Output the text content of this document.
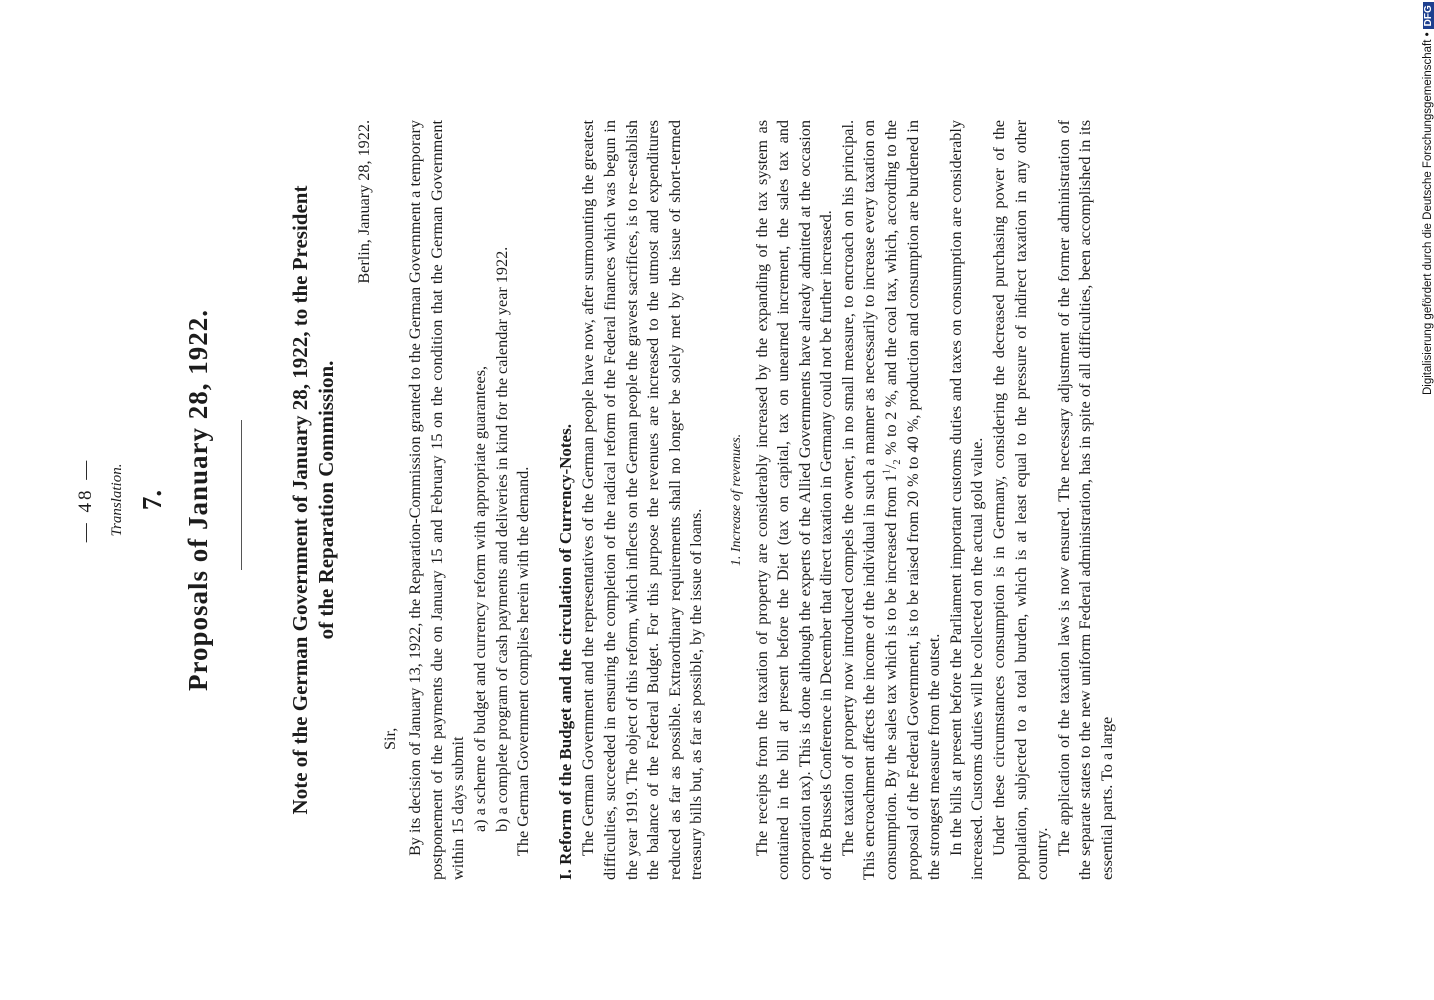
— 48 — Translation. 7. Proposals of January 28, 1922.	Note of the German Government of January 28, 1922, to the President
of the Reparation Commission.
Berlin, January 28, 1922.
Sir, By its decision of January 13, 1922, the Reparation-Commission granted to the German Government a temporary postponement of the payments due on January 15 and February 15 on the condition that the German Government within 15 days submit a) a scheme of budget and currency reform with appropriate guarantees, b) a complete program of cash payments and deliveries in kind for the calendar year 1922. The German Government complies herein with the demand. I. Reform of the Budget and the circulation of Currency-Notes. The German Government and the representatives of the German people have now, after surmounting the greatest difficulties, succeeded in ensuring the completion of the radical reform of the Federal finances which was begun in the year 1919. The object of this reform, which inflects on the German people the gravest sacrifices, is to re-establish the balance of the Federal Budget. For this purpose the revenues are increased to the utmost and expenditures reduced as far as possible. Extraordinary requirements shall no longer be solely met by the issue of short-termed treasury bills but, as far as possible, by the issue of loans.

1. Increase of revenues. The receipts from the taxation of property are considerably increased by the expanding of the tax system as contained in the bill at present before the Diet (tax on capital, tax on unearned increment, the sales tax and corporation tax). This is done although the experts of the Allied Governments have already admitted at the occasion of the Brussels Conference in December that direct taxation in Germany could not be further increased. The taxation of property now introduced compels the owner, in no small measure, to encroach on his principal. This encroachment affects the income of the individual in such a manner as necessarily to increase every taxation on consumption. By the sales tax which is to be increased from $1^1/_2$ % to 2 %, and the coal tax, which, according to the proposal of the Federal Government, is to be raised from 20 % to 40 %, production and consumption are burdened in the strongest measure from the outset. In the bills at present before the Parliament important customs duties and taxes on consumption are considerably increased. Customs duties will be collected on the actual gold value. Under these circumstances consumption is in Germany, considering the decreased purchasing power of the population, subjected to a total burden, which is at least equal to the pressure of indirect taxation in any other country. The application of the taxation laws is now ensured. The necessary adjustment of the former administration of the separate states to the new uniform Federal administration, has in spite of all difficulties, been accomplished in its essential parts. To a large

Digitalisierung gefördert durch die Deutsche Forschungsgemeinschaft •DFG
